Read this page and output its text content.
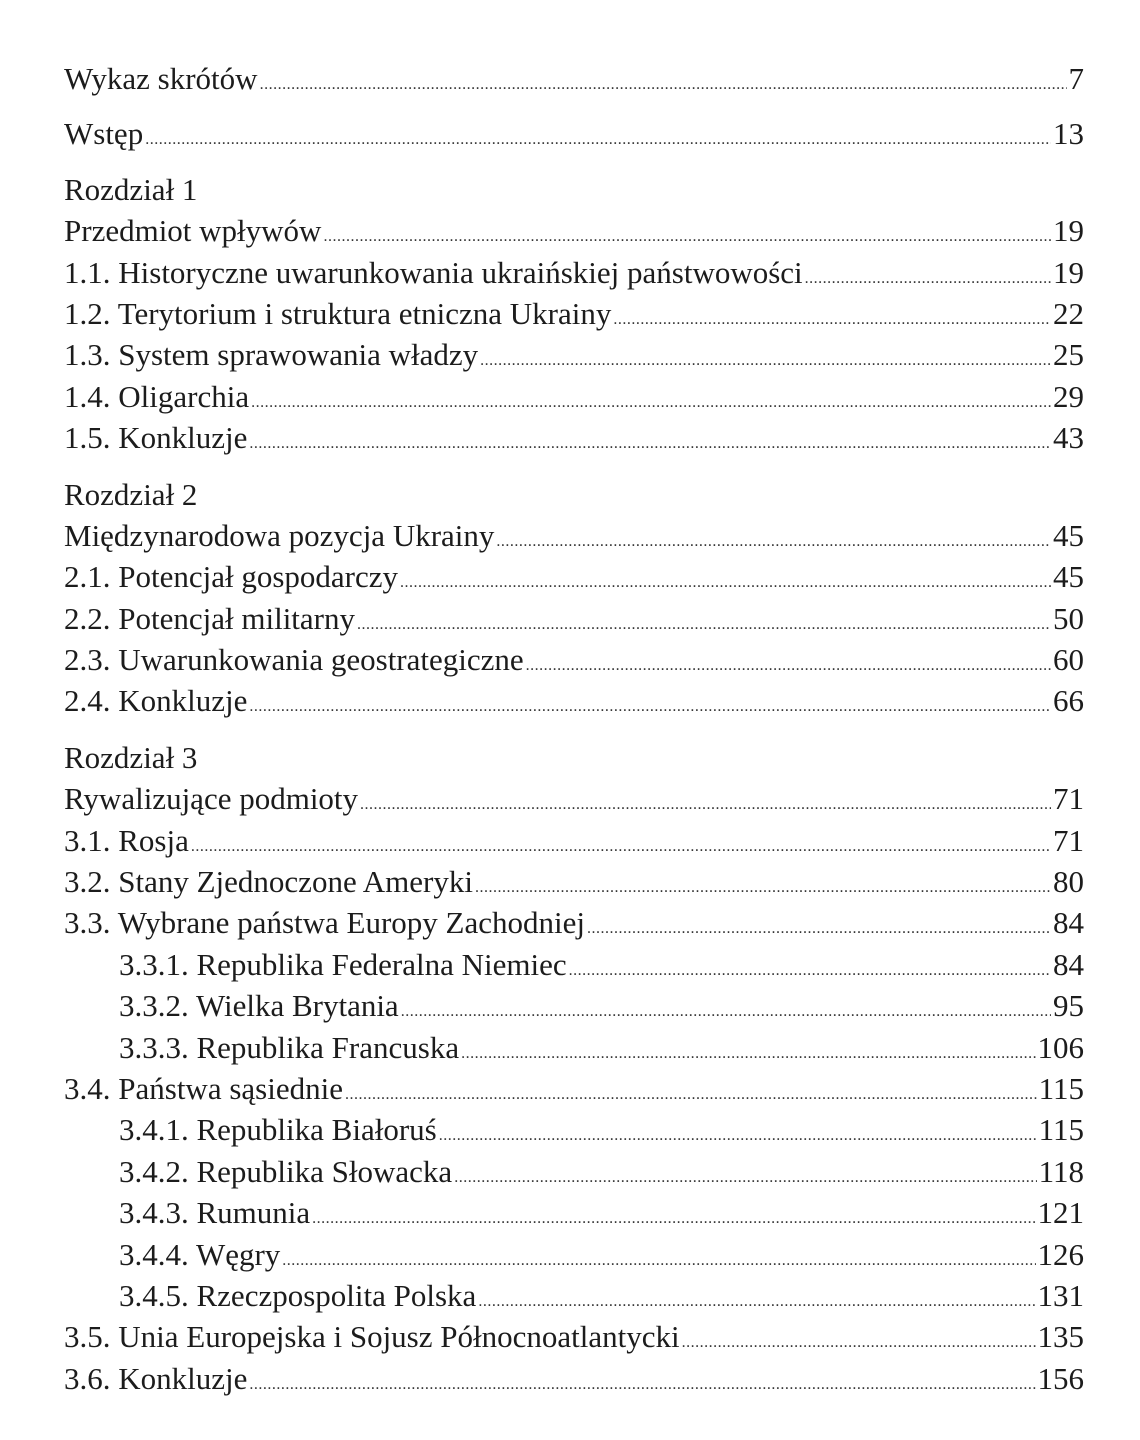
Wykaz skrótów .....	7
Wstęp .....	13
Rozdział 1
Przedmiot wpływów .....	19
1.1. Historyczne uwarunkowania ukraińskiej państwowości .....	19
1.2. Terytorium i struktura etniczna Ukrainy .....	22
1.3. System sprawowania władzy .....	25
1.4. Oligarchia .....	29
1.5. Konkluzje .....	43
Rozdział 2
Międzynarodowa pozycja Ukrainy .....	45
2.1. Potencjał gospodarczy .....	45
2.2. Potencjał militarny .....	50
2.3. Uwarunkowania geostrategiczne .....	60
2.4. Konkluzje .....	66
Rozdział 3
Rywalizujące podmioty .....	71
3.1. Rosja .....	71
3.2. Stany Zjednoczone Ameryki .....	80
3.3. Wybrane państwa Europy Zachodniej .....	84
3.3.1. Republika Federalna Niemiec .....	84
3.3.2. Wielka Brytania .....	95
3.3.3. Republika Francuska .....	106
3.4. Państwa sąsiednie .....	115
3.4.1. Republika Białoruś .....	115
3.4.2. Republika Słowacka .....	118
3.4.3. Rumunia .....	121
3.4.4. Węgry .....	126
3.4.5. Rzeczpospolita Polska .....	131
3.5. Unia Europejska i Sojusz Północnoatlantycki .....	135
3.6. Konkluzje .....	156
